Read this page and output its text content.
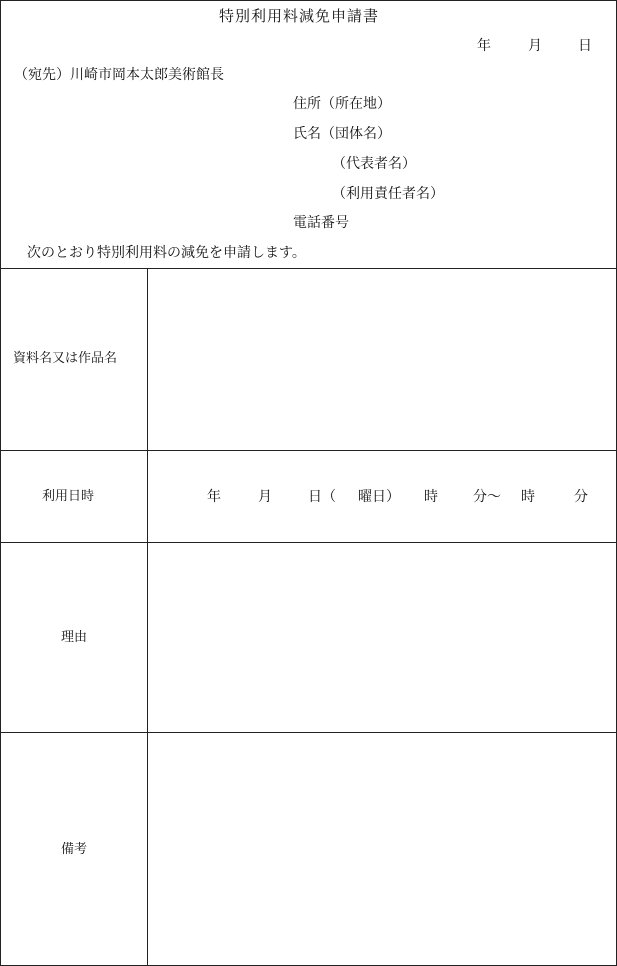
特別利用料減免申請書
年	月	日
（宛先）川崎市岡本太郎美術館長
住所（所在地）
氏名（団体名）
（代表者名）
（利用責任者名）
電話番号
次のとおり特別利用料の減免を申請します。
資料名又は作品名
利用日時	年	月	日（ 曜日） 時	分～ 時	分
理由
備考
